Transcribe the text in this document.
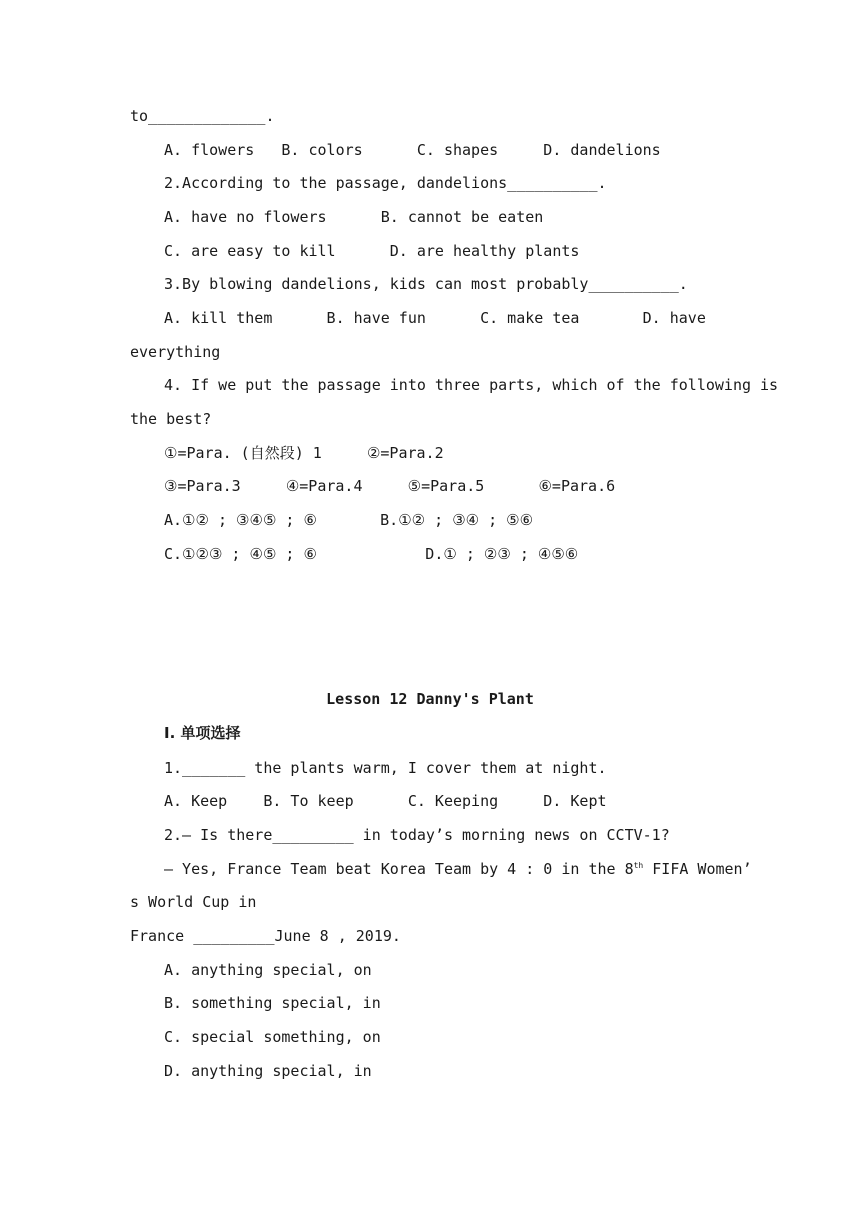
to_____________.
A. flowers   B. colors      C. shapes     D. dandelions
2.According to the passage, dandelions__________.
A. have no flowers      B. cannot be eaten
C. are easy to kill      D. are healthy plants
3.By blowing dandelions, kids can most probably__________.
A. kill them      B. have fun      C. make tea       D. have
everything
4. If we put the passage into three parts, which of the following is
the best?
①=Para. (自然段) 1     ②=Para.2
③=Para.3     ④=Para.4     ⑤=Para.5      ⑥=Para.6
A.①② ; ③④⑤ ; ⑥       B.①② ; ③④ ; ⑤⑥
C.①②③ ; ④⑤ ; ⑥            D.① ; ②③ ; ④⑤⑥
Lesson 12 Danny's Plant
Ⅰ. 单项选择
1._______ the plants warm, I cover them at night.
A. Keep    B. To keep      C. Keeping     D. Kept
2.— Is there_________ in today’s morning news on CCTV-1?
— Yes, France Team beat Korea Team by 4 : 0 in the 8th FIFA Women’
s World Cup in
France _________June 8 , 2019.
A. anything special, on
B. something special, in
C. special something, on
D. anything special, in
